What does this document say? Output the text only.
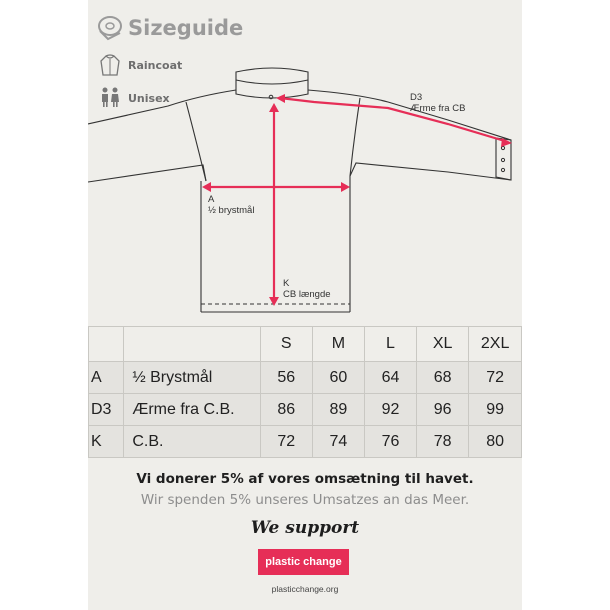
Sizeguide
Raincoat
Unisex
A
½ brystmål
K
CB længde
D3
Ærme fra CB
		S	M	L	XL	2XL
A	½ Brystmål	56	60	64	68	72
D3	Ærme fra C.B.	86	89	92	96	99
K	C.B.	72	74	76	78	80
Vi donerer 5% af vores omsætning til havet.
Wir spenden 5% unseres Umsatzes an das Meer.
We support
plastic change
plasticchange.org
